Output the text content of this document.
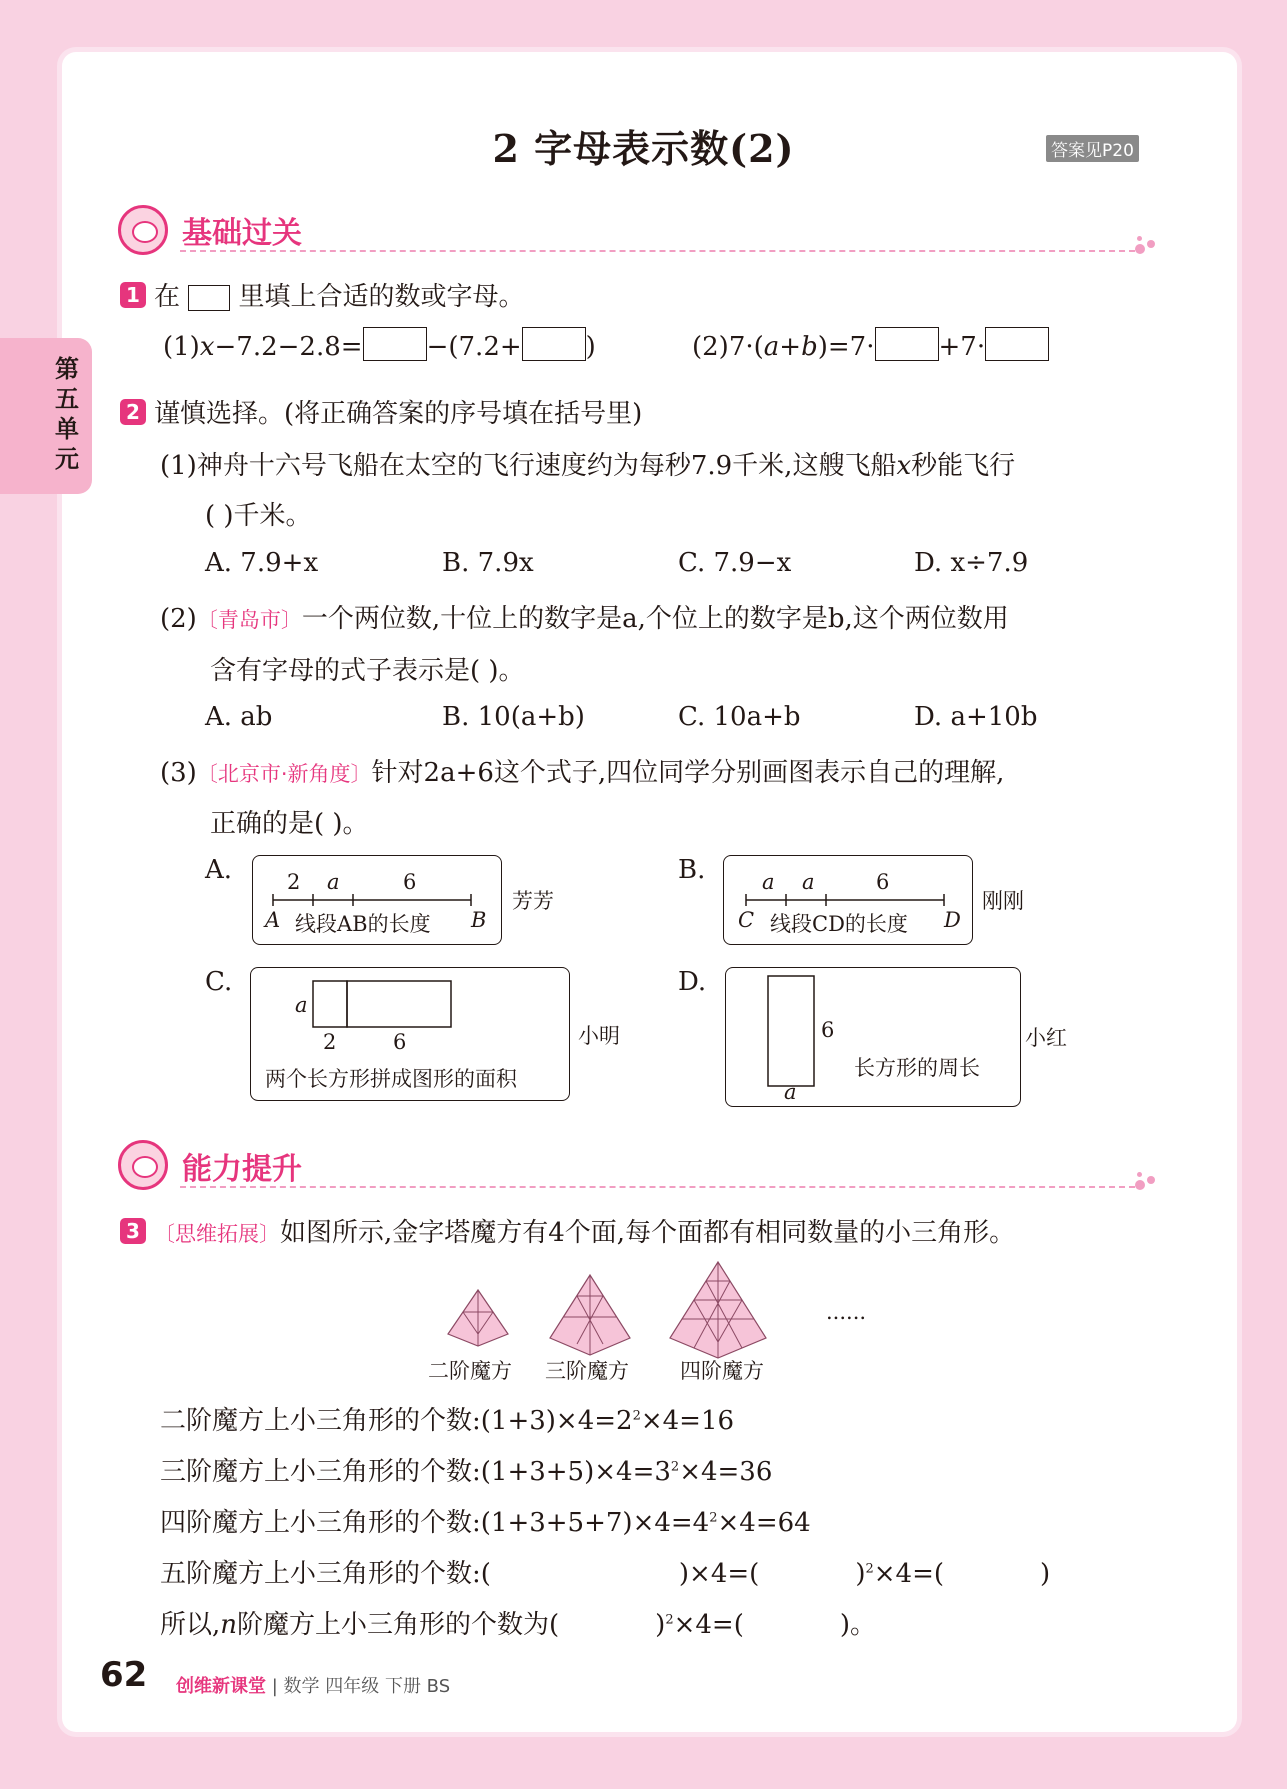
第五单元
2 字母表示数(2)	答案见P20
基础过关
1 在 里填上合适的数或字母。
(1)x−7.2−2.8= −(7.2+ )	(2)7·(a+b)=7· +7·
2 谨慎选择。(将正确答案的序号填在括号里)
(1)神舟十六号飞船在太空的飞行速度约为每秒7.9千米,这艘飞船x秒能飞行
( )千米。
A. 7.9+x	B. 7.9x	C. 7.9−x	D. x÷7.9
(2)〔青岛市〕一个两位数,十位上的数字是a,个位上的数字是b,这个两位数用
含有字母的式子表示是( )。
A. ab	B. 10(a+b)	C. 10a+b	D. a+10b
(3)〔北京市·新角度〕针对2a+6这个式子,四位同学分别画图表示自己的理解,
正确的是( )。
A.	2 a	6
A 线段AB的长度 B
芳芳
B.	a a	6
C 线段CD的长度 D
刚刚
C.
a
2	6
两个长方形拼成图形的面积
小明
D.
6
a
长方形的周长
小红
能力提升
3 〔思维拓展〕如图所示,金字塔魔方有4个面,每个面都有相同数量的小三角形。
......
二阶魔方 三阶魔方 四阶魔方
二阶魔方上小三角形的个数$:(1+3)\times 4=2^2\times 4=16$
三阶魔方上小三角形的个数$:(1+3+5)\times 4=3^2\times 4=36$
四阶魔方上小三角形的个数$:(1+3+5+7)\times 4=4^2\times 4=64$
五阶魔方上小三角形的个数:(	)×4=(	)$^2$×4=(	)
所以,n阶魔方上小三角形的个数为(	)$^2$×4=(	)。
62 创维新课堂 | 数学 四年级 下册 BS
